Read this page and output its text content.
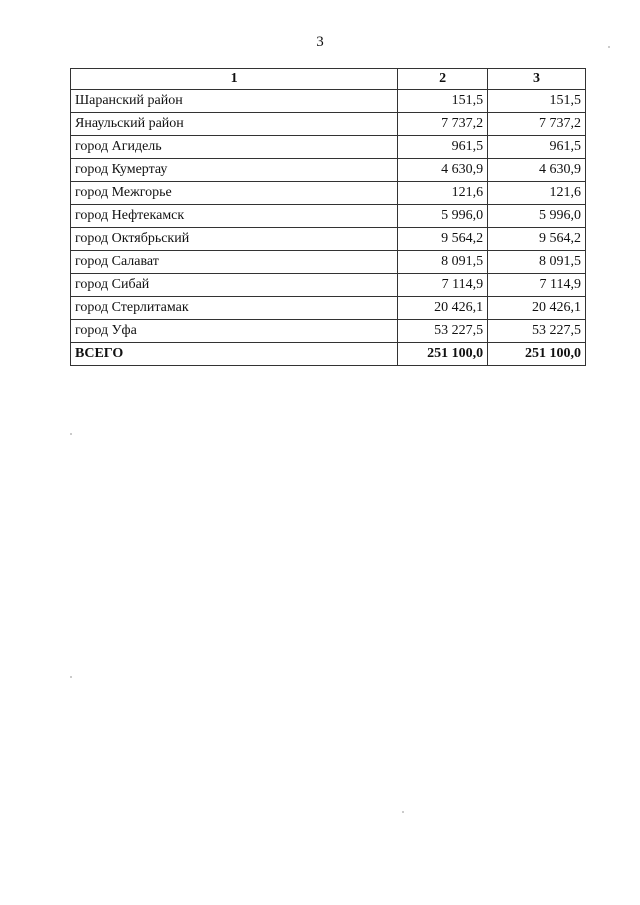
3
1	2	3
Шаранский район	151,5	151,5
Янаульский район	7 737,2	7 737,2
город Агидель	961,5	961,5
город Кумертау	4 630,9	4 630,9
город Межгорье	121,6	121,6
город Нефтекамск	5 996,0	5 996,0
город Октябрьский	9 564,2	9 564,2
город Салават	8 091,5	8 091,5
город Сибай	7 114,9	7 114,9
город Стерлитамак	20 426,1	20 426,1
город Уфа	53 227,5	53 227,5
ВСЕГО	251 100,0	251 100,0
